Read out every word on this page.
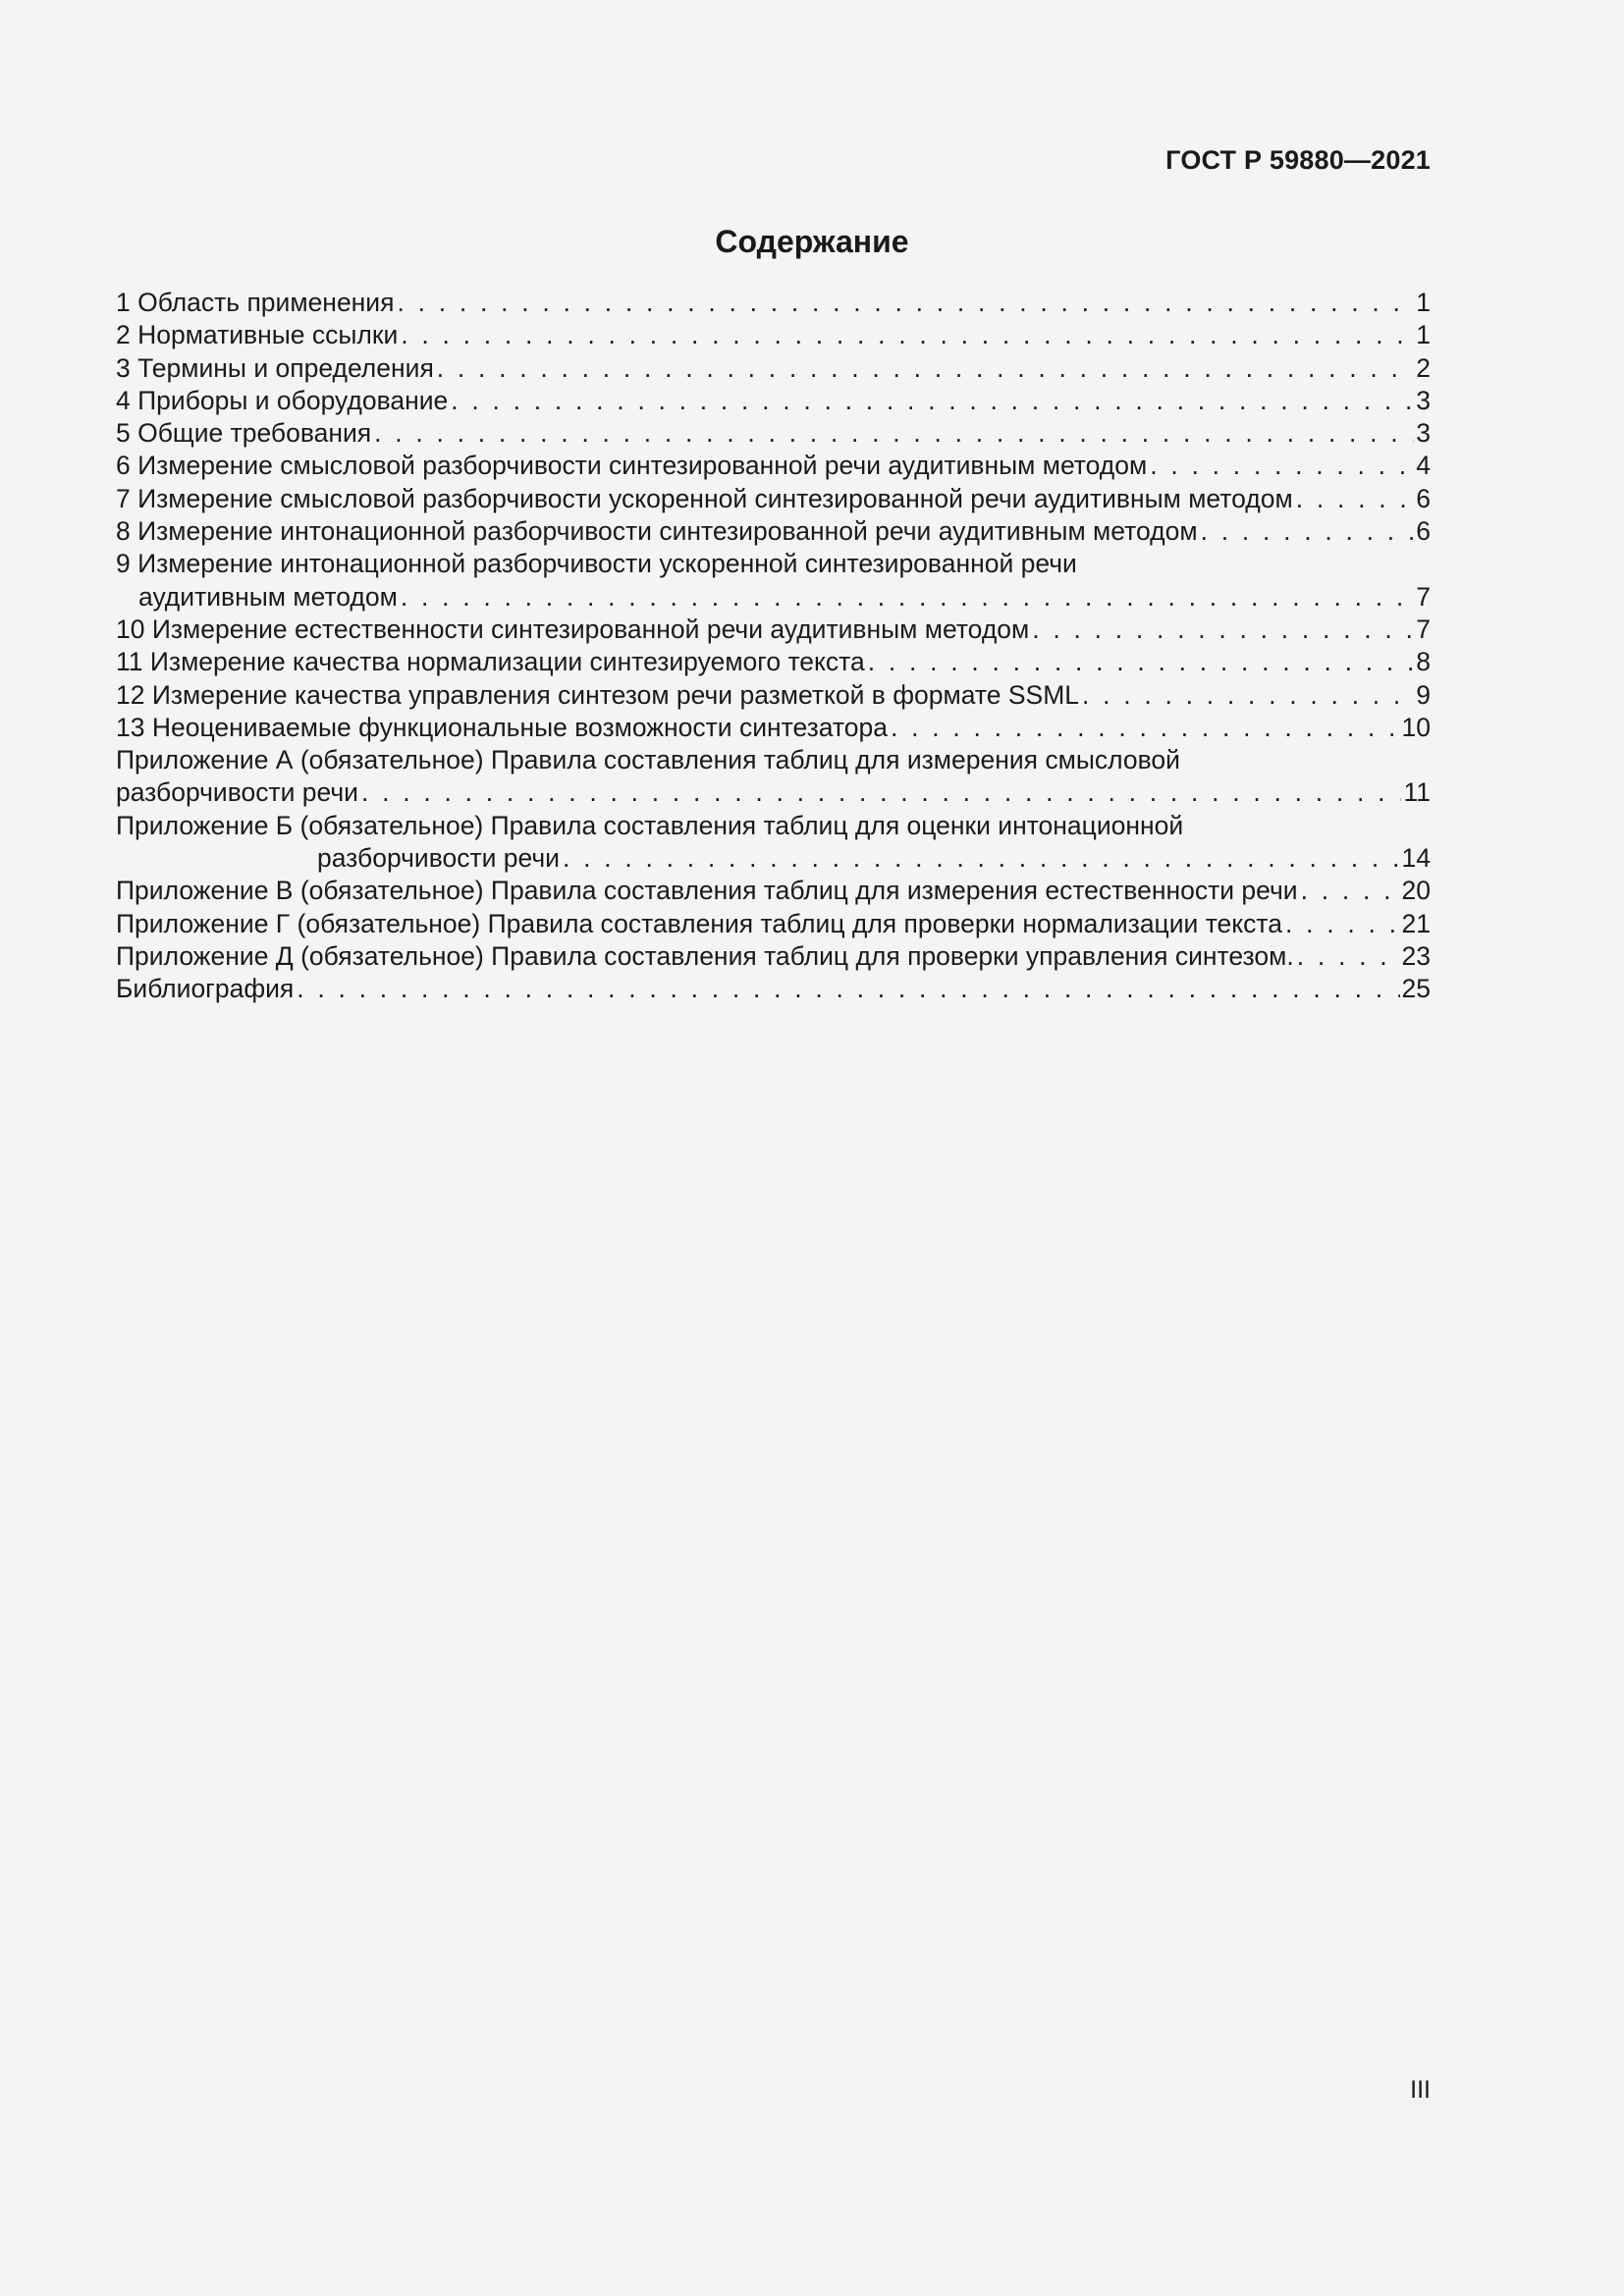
ГОСТ Р 59880—2021
Содержание
1 Область применения . . .	1
2 Нормативные ссылки . . .	1
3 Термины и определения . . .	2
4 Приборы и оборудование . . .	3
5 Общие требования . . .	3
6 Измерение смысловой разборчивости синтезированной речи аудитивным методом . . .	4
7 Измерение смысловой разборчивости ускоренной синтезированной речи аудитивным методом . . .	6
8 Измерение интонационной разборчивости синтезированной речи аудитивным методом . . .	6
9 Измерение интонационной разборчивости ускоренной синтезированной речи
аудитивным методом . . .	7
10 Измерение естественности синтезированной речи аудитивным методом . . .	7
11 Измерение качества нормализации синтезируемого текста . . .	8
12 Измерение качества управления синтезом речи разметкой в формате SSML . . .	9
13 Неоцениваемые функциональные возможности синтезатора . . .	10
Приложение А (обязательное) Правила составления таблиц для измерения смысловой
разборчивости речи . . .	11
Приложение Б (обязательное) Правила составления таблиц для оценки интонационной
разборчивости речи . . .	14
Приложение В (обязательное) Правила составления таблиц для измерения естественности речи . . .	20
Приложение Г (обязательное) Правила составления таблиц для проверки нормализации текста . . .	21
Приложение Д (обязательное) Правила составления таблиц для проверки управления синтезом. . . .	23
Библиография . . .	25
III
